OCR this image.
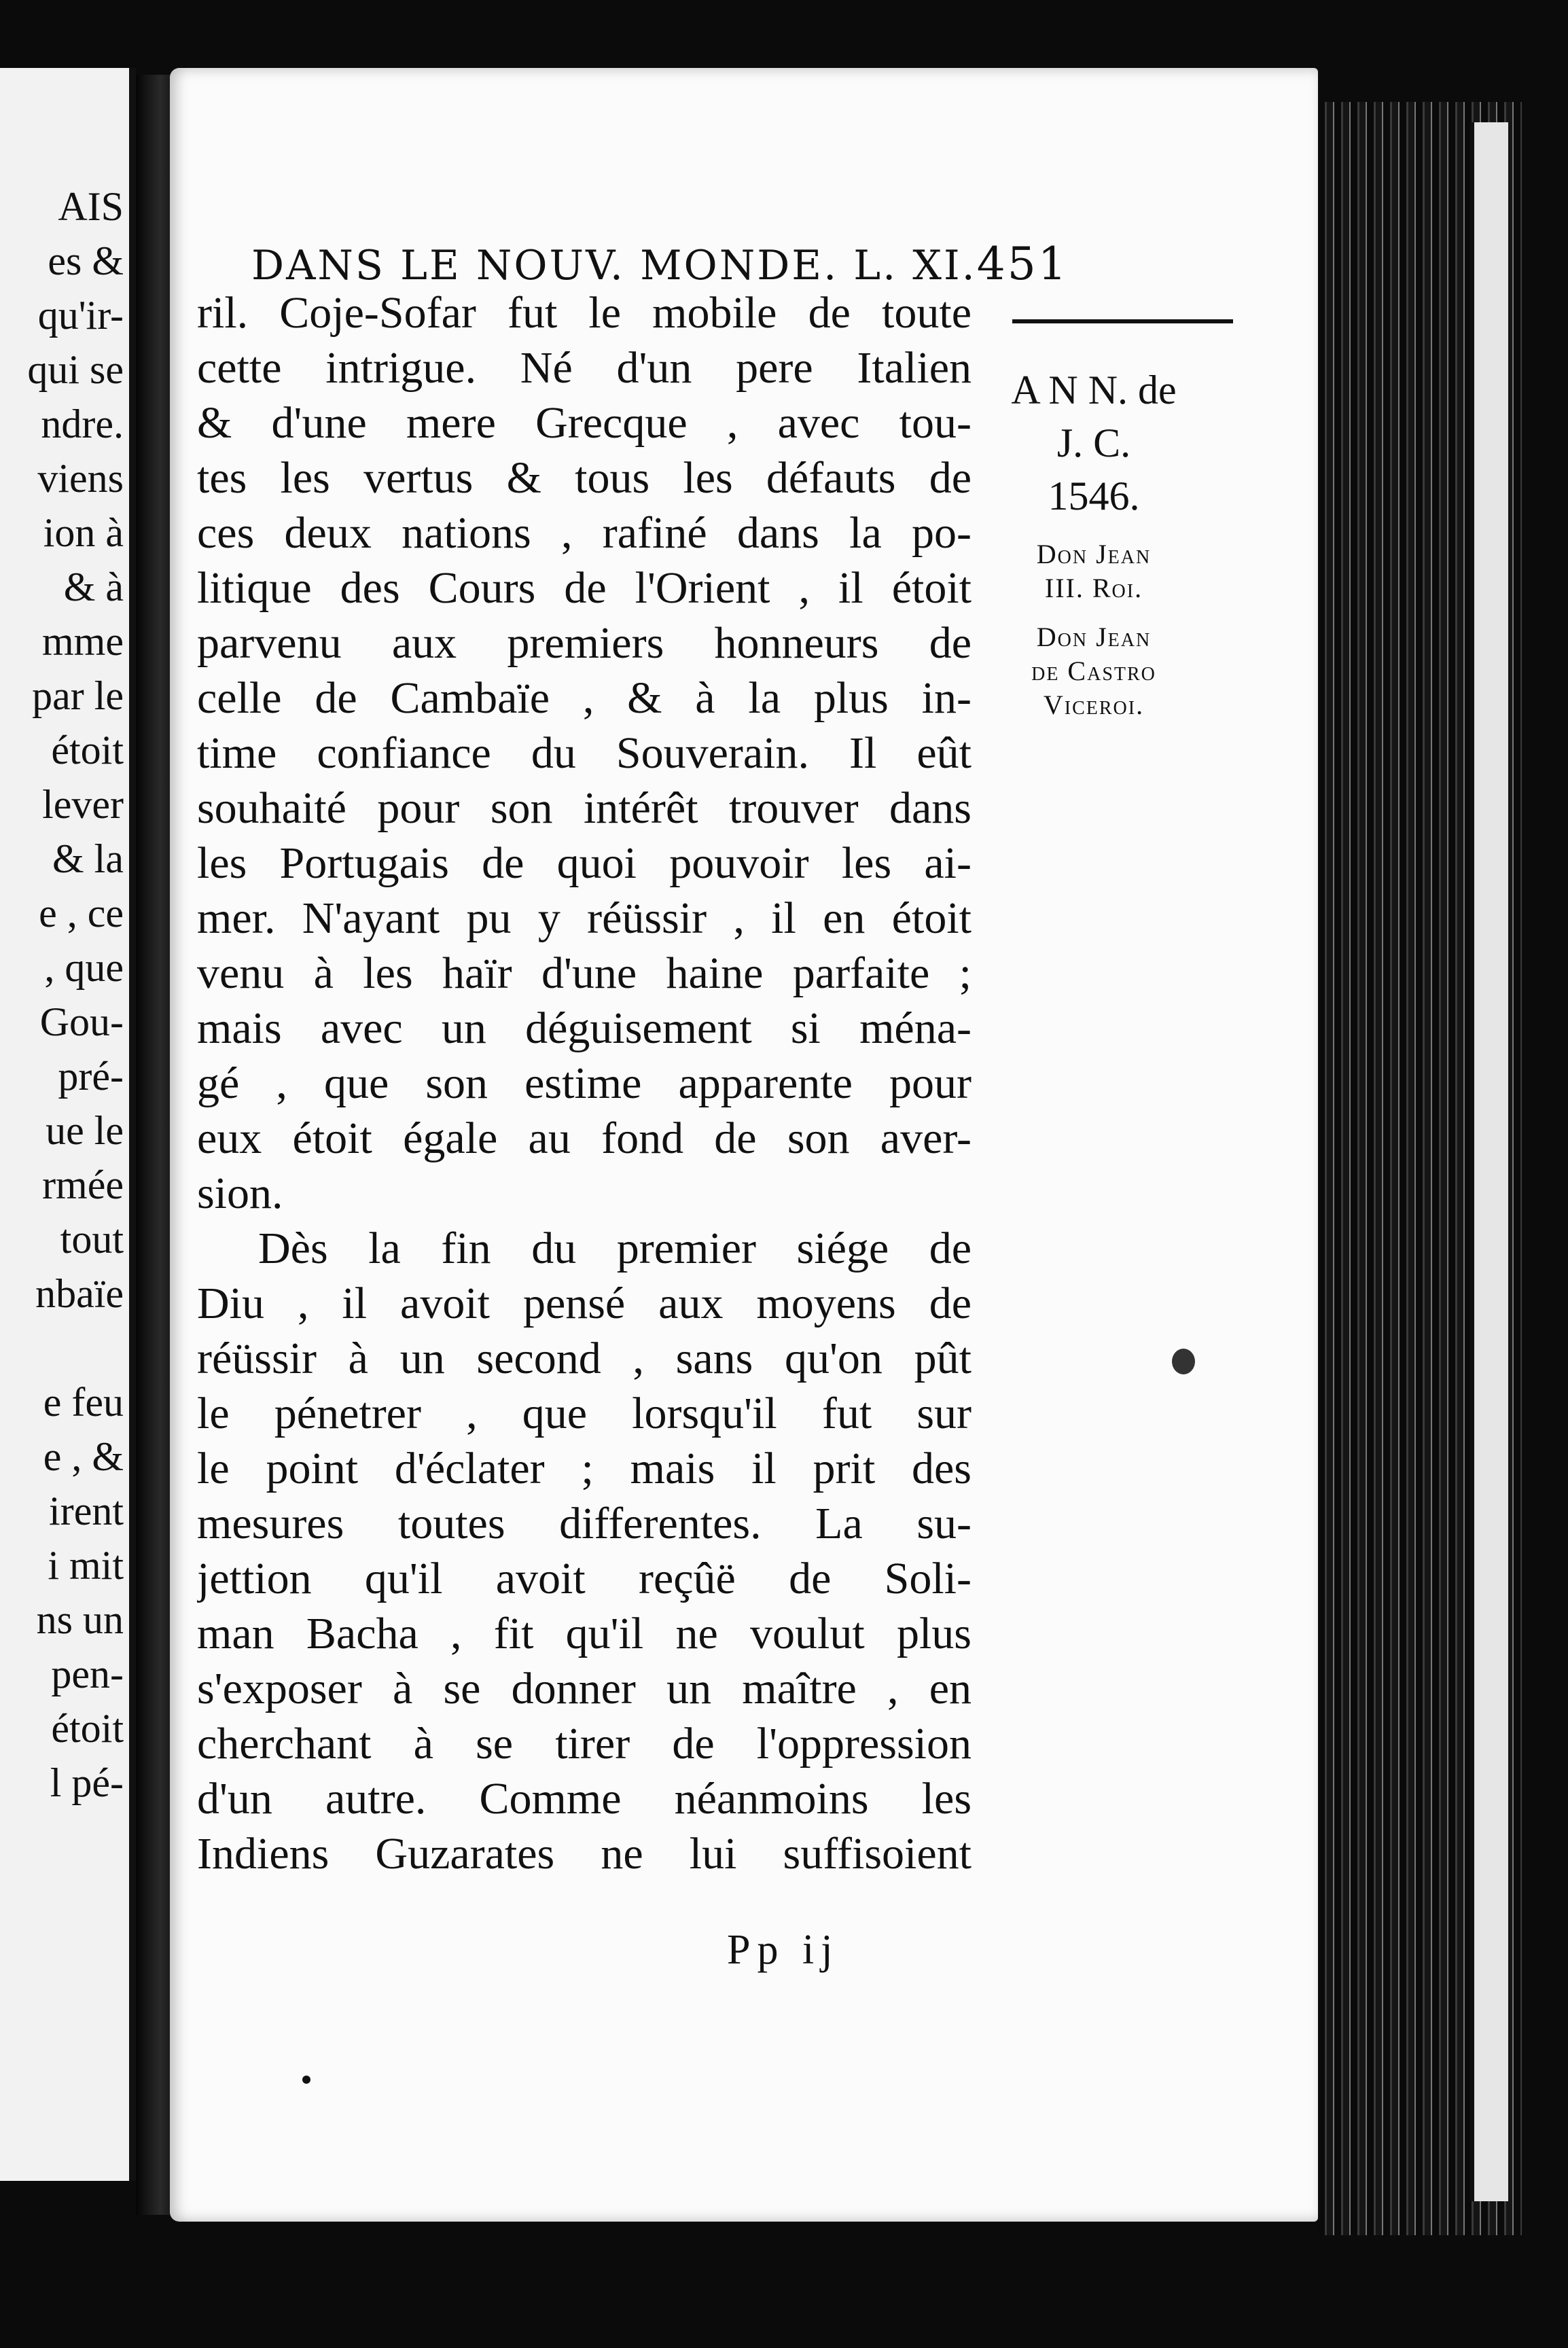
AIS
es &
qu'ir-
qui se
ndre.
viens
ion à
& à
mme
par le
étoit
lever
& la
e , ce
, que
Gou-
pré-
ue le
rmée
tout
nbaïe
e feu
e , &
irent
i mit
ns un
pen-
étoit
l pé-
DANS LE NOUV. MONDE. L. XI. 451
ril. Coje-Sofar fut le mobile de toute
cette intrigue. Né d'un pere Italien
& d'une mere Grecque , avec tou-
tes les vertus & tous les défauts de
ces deux nations , rafiné dans la po-
litique des Cours de l'Orient , il étoit
parvenu aux premiers honneurs de
celle de Cambaïe , & à la plus in-
time confiance du Souverain. Il eût
souhaité pour son intérêt trouver dans
les Portugais de quoi pouvoir les ai-
mer. N'ayant pu y réüssir , il en étoit
venu à les haïr d'une haine parfaite ;
mais avec un déguisement si ména-
gé , que son estime apparente pour
eux étoit égale au fond de son aver-
sion.
Dès la fin du premier siége de
Diu , il avoit pensé aux moyens de
réüssir à un second , sans qu'on pût
le pénetrer , que lorsqu'il fut sur
le point d'éclater ; mais il prit des
mesures toutes differentes. La su-
jettion qu'il avoit reçûë de Soli-
man Bacha , fit qu'il ne voulut plus
s'exposer à se donner un maître , en
cherchant à se tirer de l'oppression
d'un autre. Comme néanmoins les
Indiens Guzarates ne lui suffisoient
A N N. de
J. C.
1546.
Don Jean
III. Roi.
Don Jean
de Castro
Viceroi.
Pp ij
